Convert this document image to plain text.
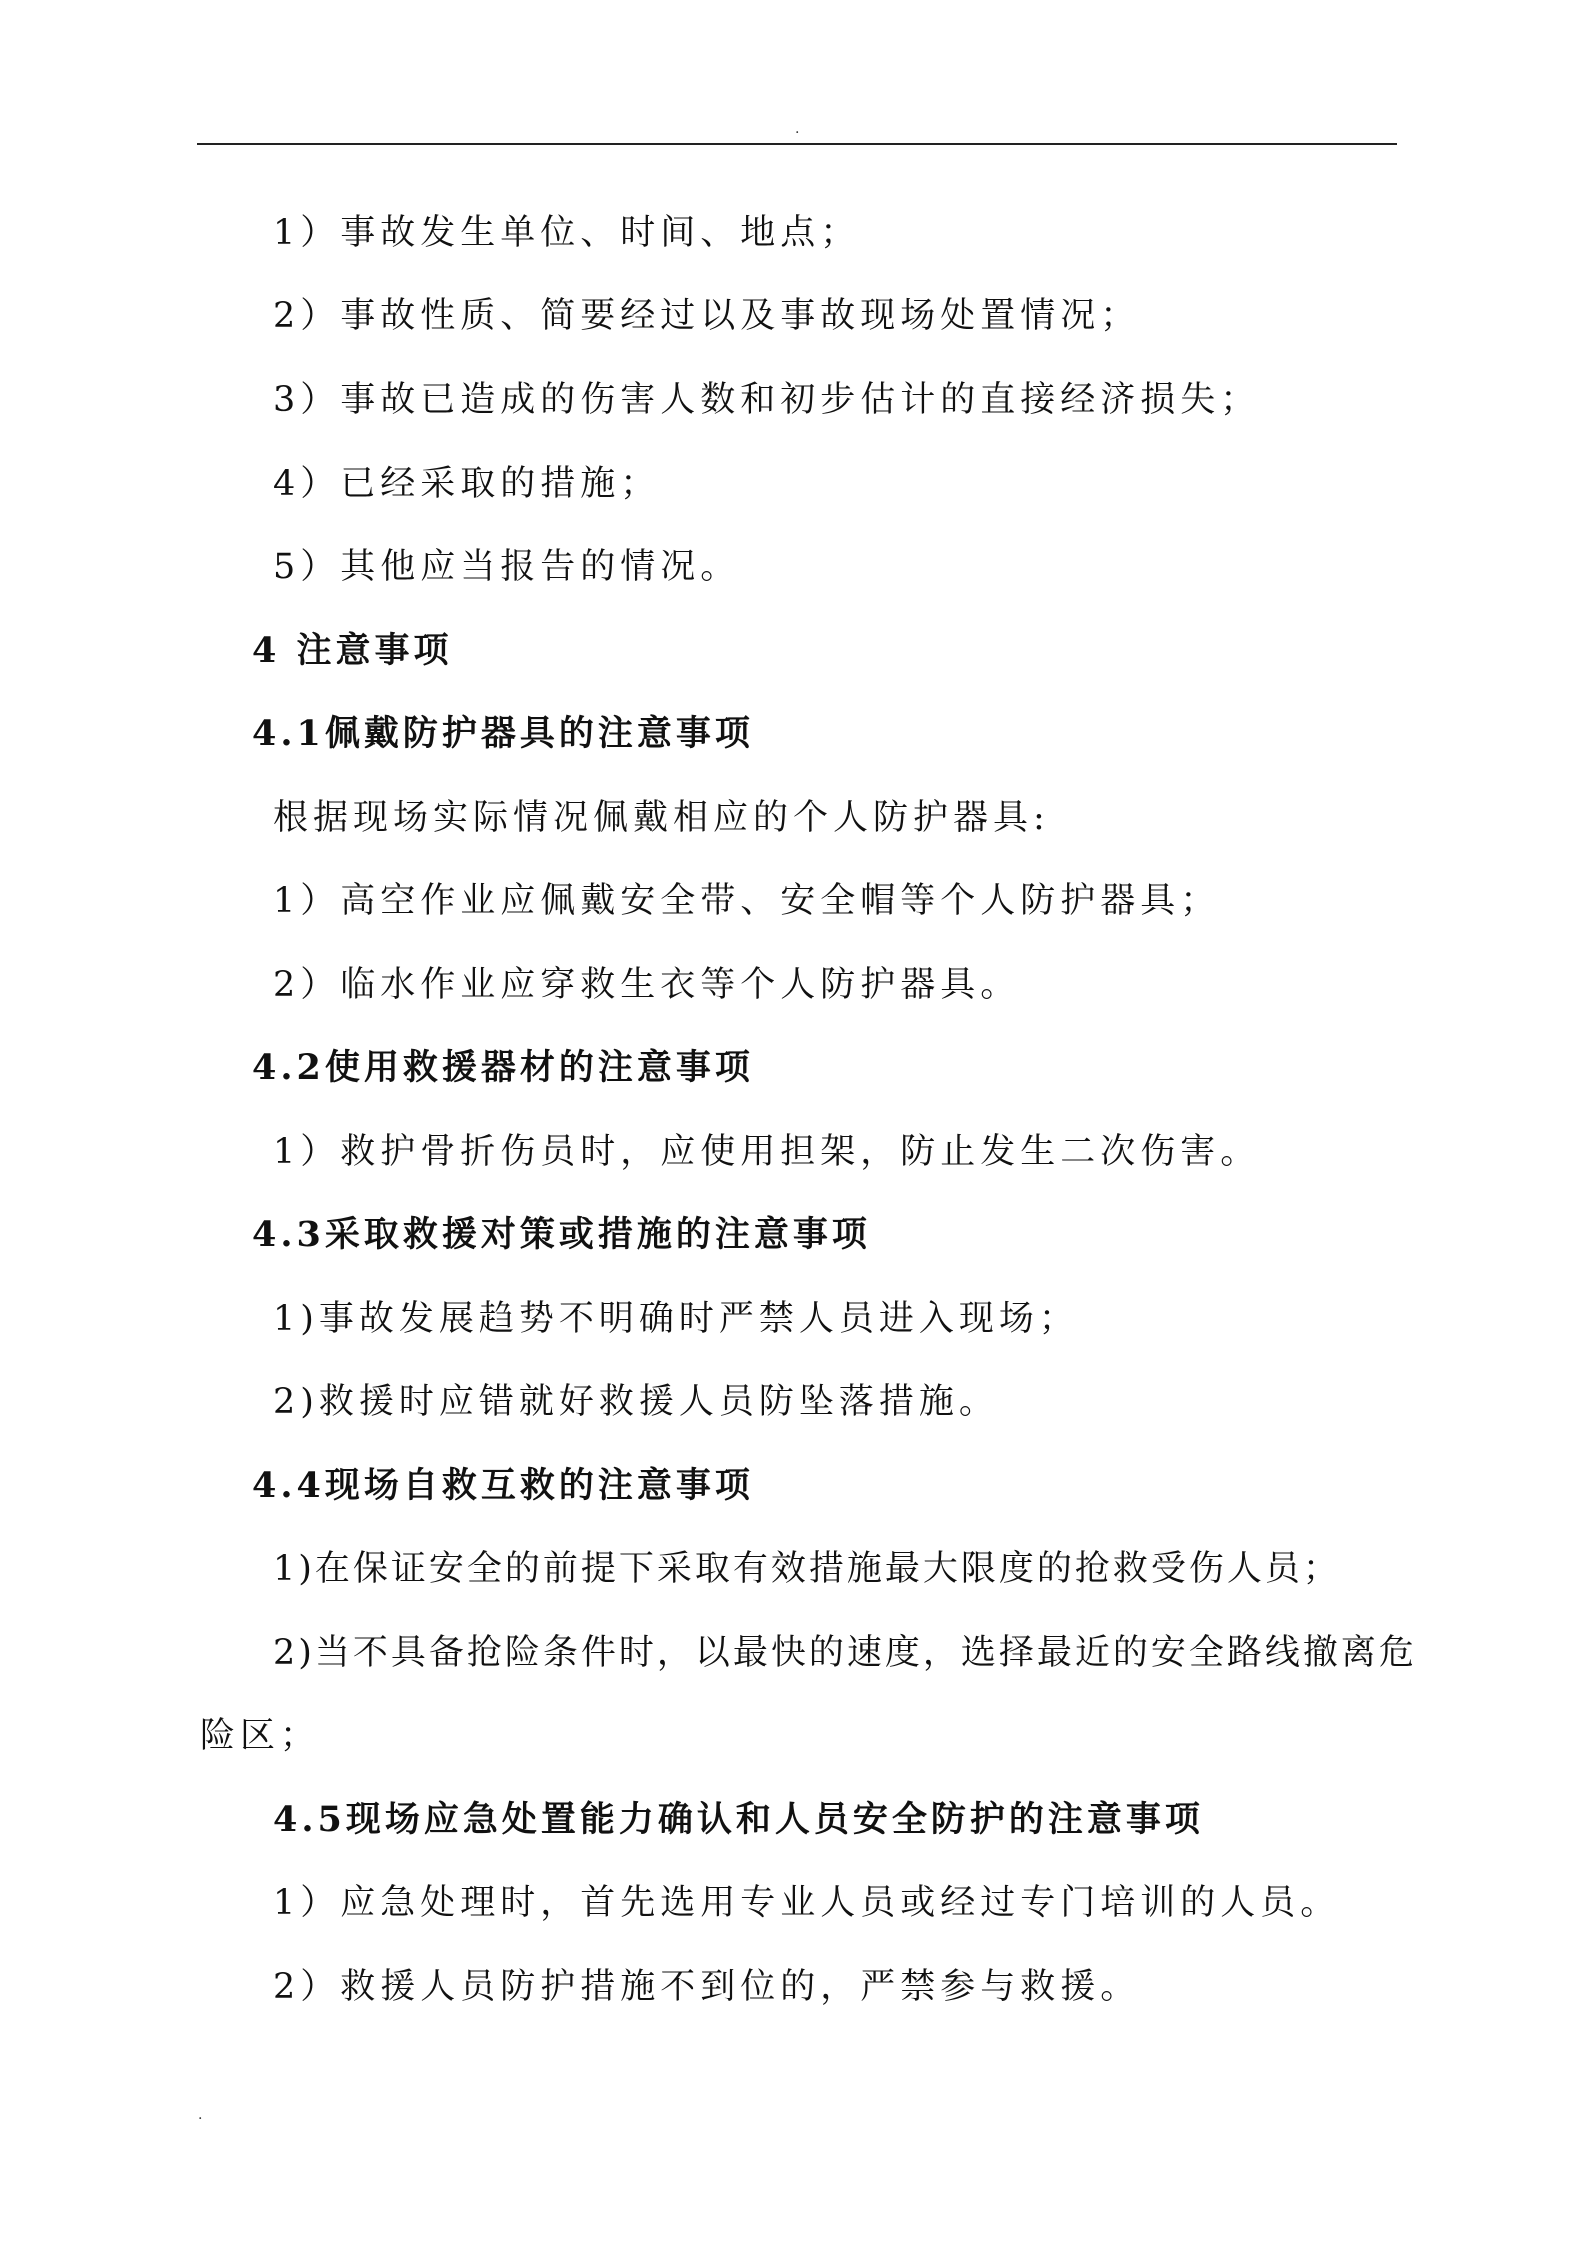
.
1）事故发生单位、时间、地点；
2）事故性质、简要经过以及事故现场处置情况；
3）事故已造成的伤害人数和初步估计的直接经济损失；
4）已经采取的措施；
5）其他应当报告的情况。
4 注意事项
4.1佩戴防护器具的注意事项
根据现场实际情况佩戴相应的个人防护器具:
1）高空作业应佩戴安全带、安全帽等个人防护器具；
2）临水作业应穿救生衣等个人防护器具。
4.2使用救援器材的注意事项
1）救护骨折伤员时，应使用担架，防止发生二次伤害。
4.3采取救援对策或措施的注意事项
1)事故发展趋势不明确时严禁人员进入现场；
2)救援时应错就好救援人员防坠落措施。
4.4现场自救互救的注意事项
1)在保证安全的前提下采取有效措施最大限度的抢救受伤人员；
2)当不具备抢险条件时，以最快的速度，选择最近的安全路线撤离危
险区；
4.5现场应急处置能力确认和人员安全防护的注意事项
1）应急处理时，首先选用专业人员或经过专门培训的人员。
2）救援人员防护措施不到位的，严禁参与救援。
.
